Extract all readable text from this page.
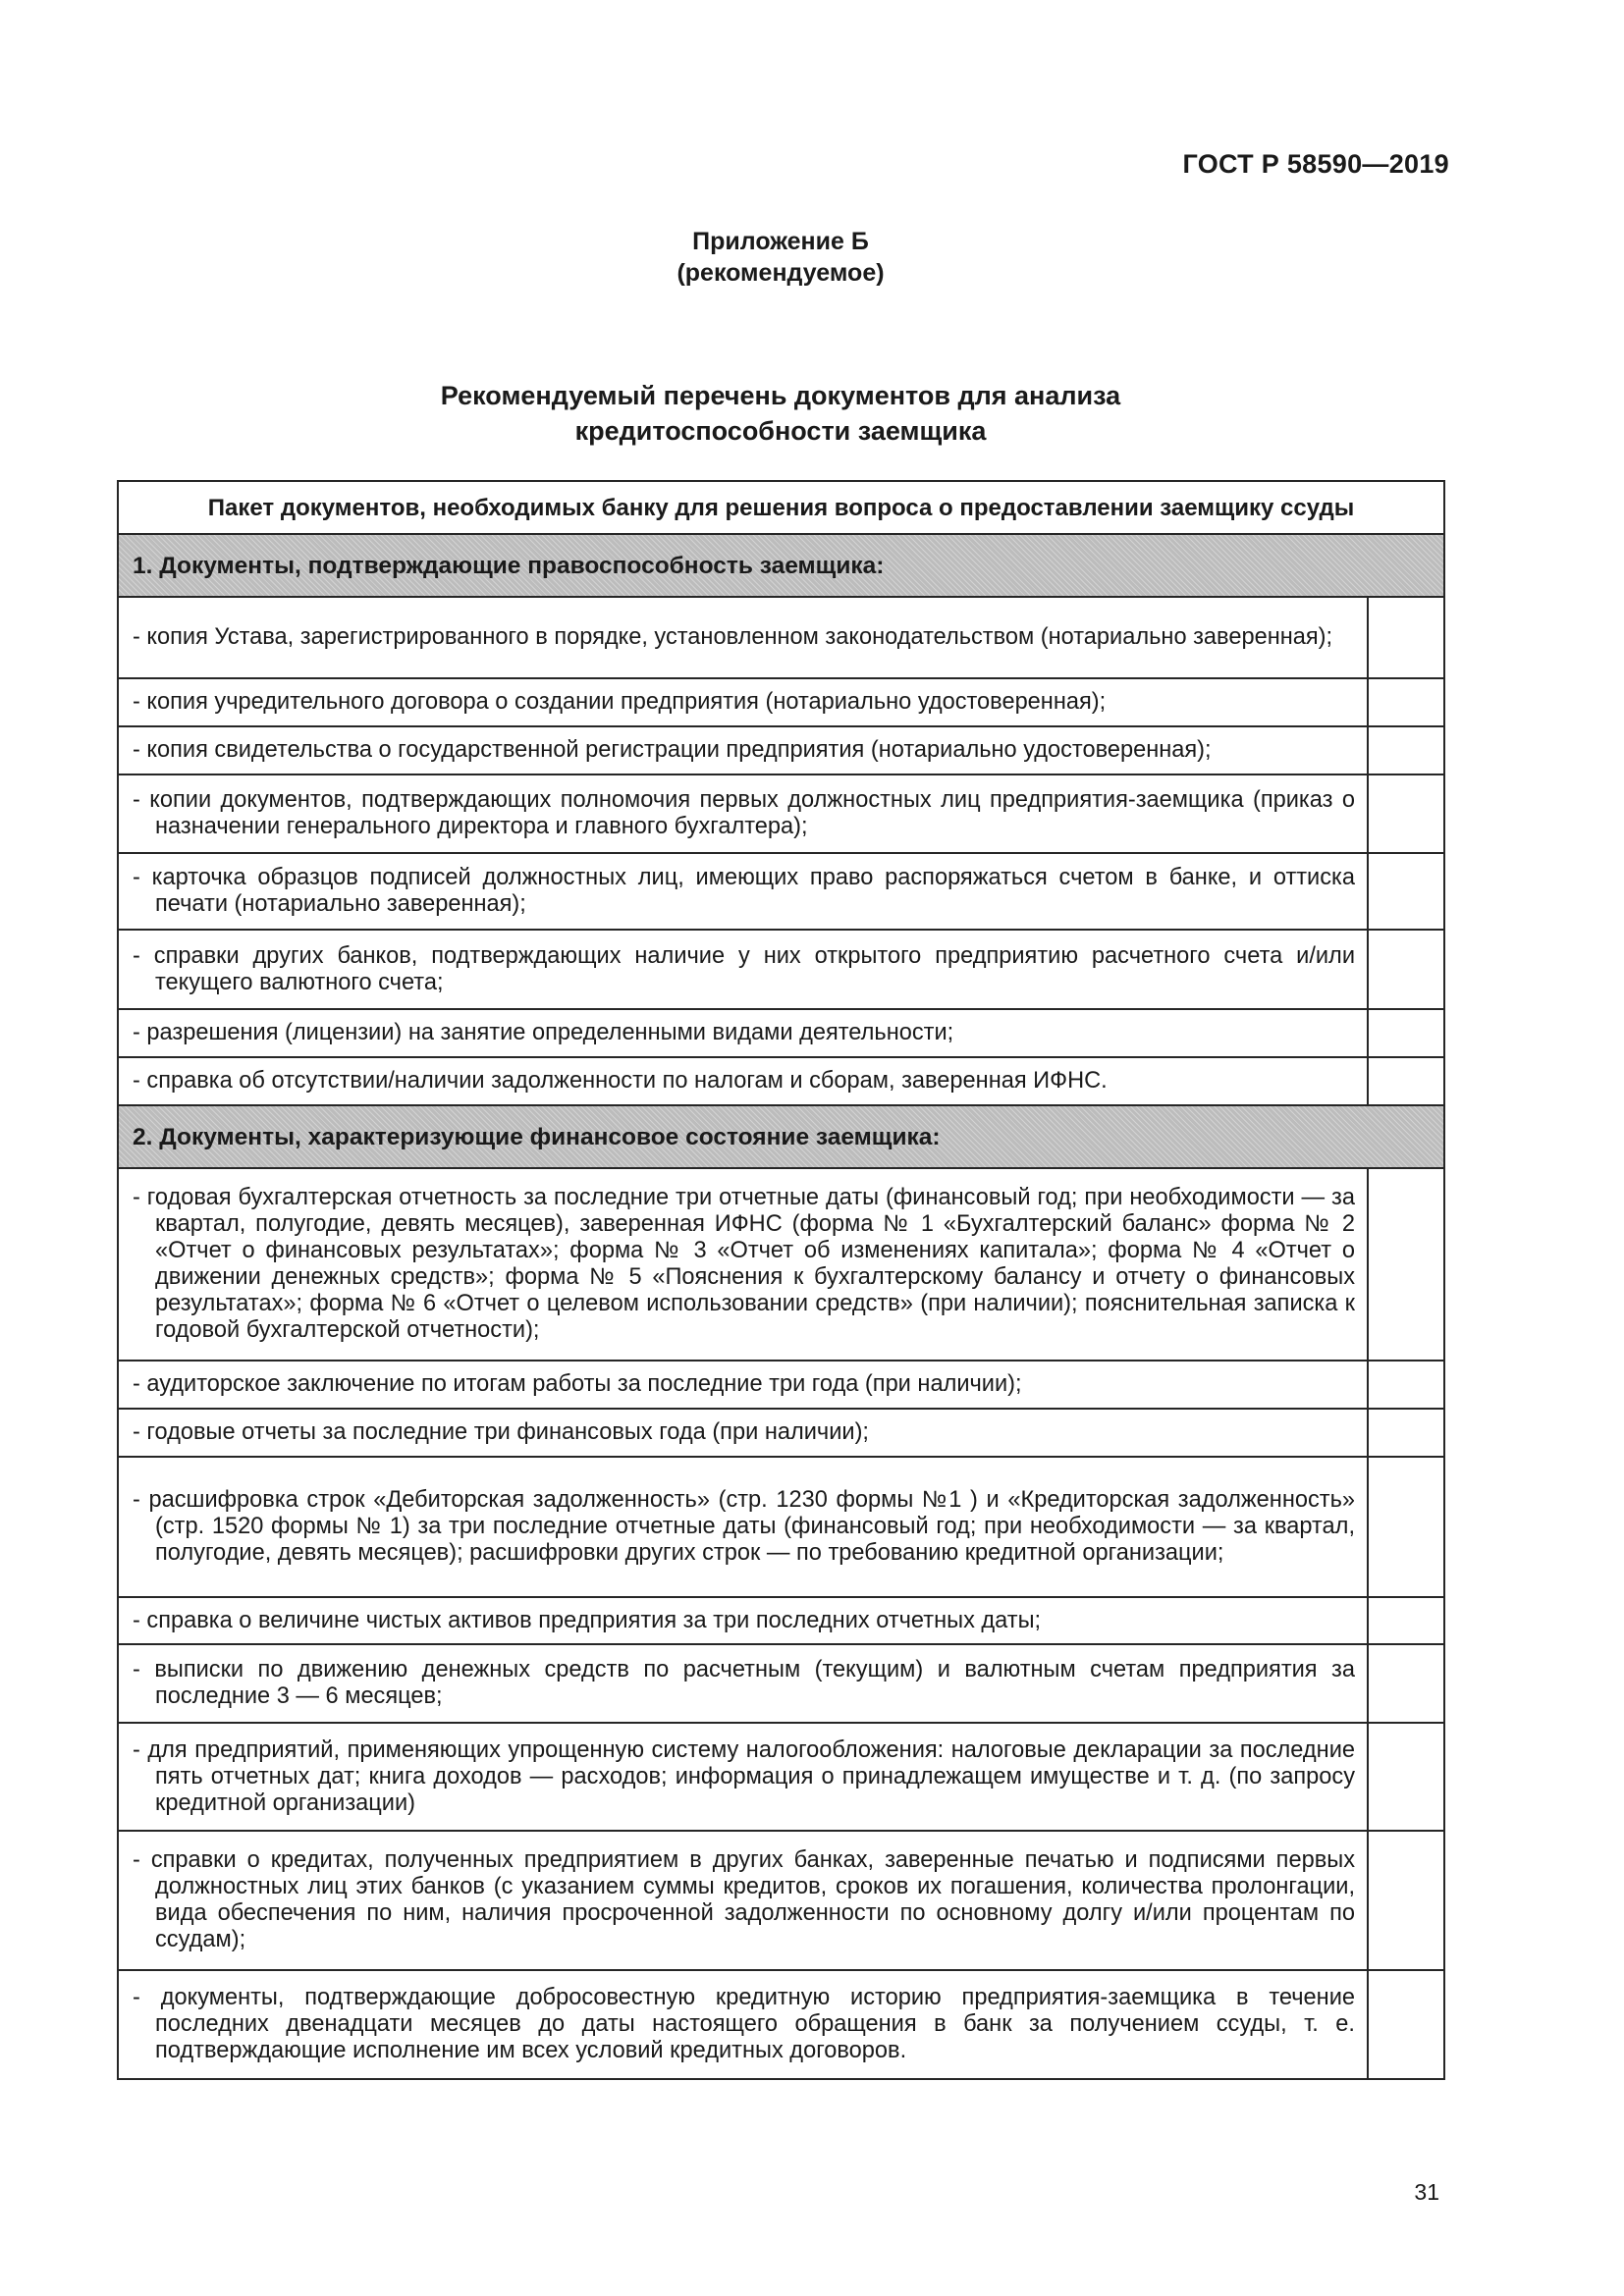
ГОСТ Р 58590—2019
Приложение Б
(рекомендуемое)
Рекомендуемый перечень документов для анализа
кредитоспособности заемщика
Пакет документов, необходимых банку для решения вопроса о предоставлении заемщику ссуды	
1. Документы, подтверждающие правоспособность заемщика:	
- копия Устава, зарегистрированного в порядке, установленном законодательством (нотариально заверенная);	
- копия учредительного договора о создании предприятия (нотариально удостоверенная);	
- копия свидетельства о государственной регистрации предприятия (нотариально удостоверенная);	
- копии документов, подтверждающих полномочия первых должностных лиц предприятия-заемщика (приказ о назначении генерального директора и главного бухгалтера);	
- карточка образцов подписей должностных лиц, имеющих право распоряжаться счетом в банке, и оттиска печати (нотариально заверенная);	
- справки других банков, подтверждающих наличие у них открытого предприятию расчетного счета и/или текущего валютного счета;	
- разрешения (лицензии) на занятие определенными видами деятельности;	
- справка об отсутствии/наличии задолженности по налогам и сборам, заверенная ИФНС.	
2. Документы, характеризующие финансовое состояние заемщика:	
- годовая бухгалтерская отчетность за последние три отчетные даты (финансовый год; при необходимости — за квартал, полугодие, девять месяцев), заверенная ИФНС (форма № 1 «Бухгалтерский баланс» форма № 2 «Отчет о финансовых результатах»; форма № 3 «Отчет об изменениях капитала»; форма № 4 «Отчет о движении денежных средств»; форма № 5 «Пояснения к бухгалтерскому балансу и отчету о финансовых результатах»; форма № 6 «Отчет о целевом использовании средств» (при наличии); пояснительная записка к годовой бухгалтерской отчетности);	
- аудиторское заключение по итогам работы за последние три года (при наличии);	
- годовые отчеты за последние три финансовых года (при наличии);	
- расшифровка строк «Дебиторская задолженность» (стр. 1230 формы №1 ) и «Кредиторская задолженность» (стр. 1520 формы № 1) за три последние отчетные даты (финансовый год; при необходимости — за квартал, полугодие, девять месяцев); расшифровки других строк — по требованию кредитной организации;	
- справка о величине чистых активов предприятия за три последних отчетных даты;	
- выписки по движению денежных средств по расчетным (текущим) и валютным счетам предприятия за последние 3 — 6 месяцев;	
- для предприятий, применяющих упрощенную систему налогообложения: налоговые декларации за последние пять отчетных дат; книга доходов — расходов; информация о принадлежащем имуществе и т. д. (по запросу кредитной организации)	
- справки о кредитах, полученных предприятием в других банках, заверенные печатью и подписями первых должностных лиц этих банков (с указанием суммы кредитов, сроков их погашения, количества пролонгации, вида обеспечения по ним, наличия просроченной задолженности по основному долгу и/или процентам по ссудам);	
- документы, подтверждающие добросовестную кредитную историю предприятия-заемщика в течение последних двенадцати месяцев до даты настоящего обращения в банк за получением ссуды, т. е. подтверждающие исполнение им всех условий кредитных договоров.	
31
